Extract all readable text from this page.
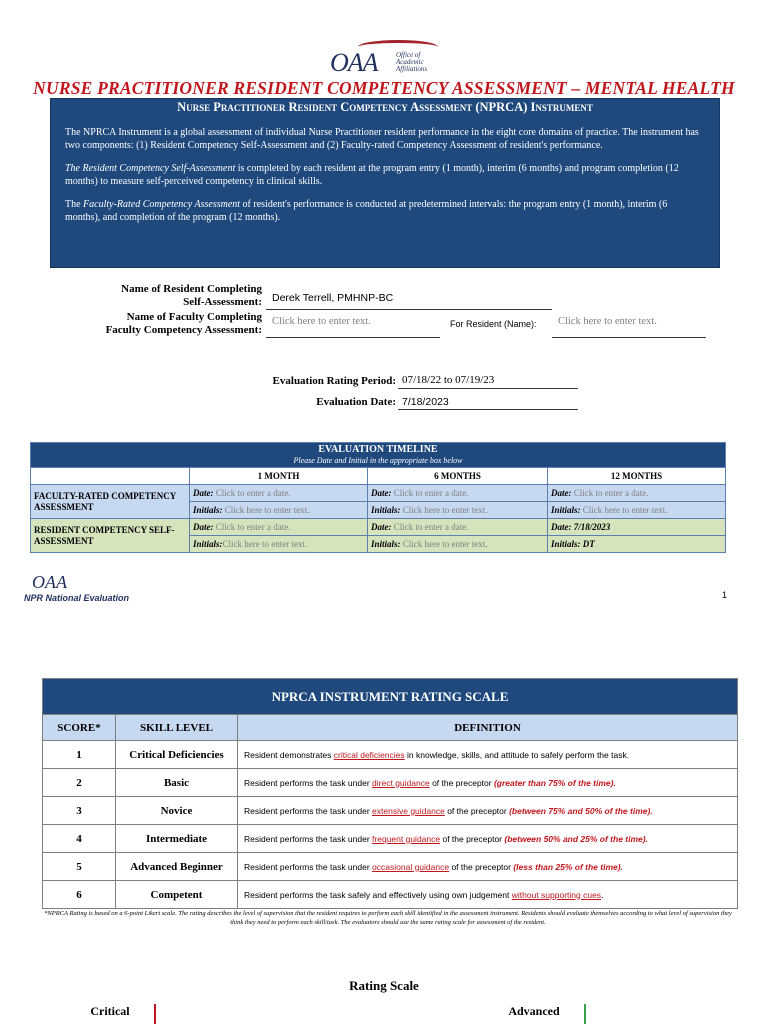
OAA	Office of Academic Affiliations
NURSE PRACTITIONER RESIDENT COMPETENCY ASSESSMENT – MENTAL HEALTH
Nurse Practitioner Resident Competency Assessment (NPRCA) Instrument

The NPRCA Instrument is a global assessment of individual Nurse Practitioner resident performance in the eight core domains of practice. The instrument has two components: (1) Resident Competency Self-Assessment and (2) Faculty-rated Competency Assessment of resident's performance.

The Resident Competency Self-Assessment is completed by each resident at the program entry (1 month), interim (6 months) and program completion (12 months) to measure self-perceived competency in clinical skills.

The Faculty-Rated Competency Assessment of resident's performance is conducted at predetermined intervals: the program entry (1 month), interim (6 months), and completion of the program (12 months).

Name of Resident Completing
Self-Assessment: Derek Terrell, PMHNP-BC
Name of Faculty Completing
Faculty Competency Assessment:
Click here to enter text.	For Resident (Name):	Click here to enter text.
Evaluation Rating Period: 07/18/22 to 07/19/23
Evaluation Date: 7/18/2023
EVALUATION TIMELINE
Please Date and Initial in the appropriate box below			

	1 MONTH	6 MONTHS	12 MONTHS
FACULTY-RATED COMPETENCY ASSESSMENT	Date: Click to enter a date.	Date: Click to enter a date.	Date: Click to enter a date.
	Initials: Click here to enter text.	Initials: Click here to enter text.	Initials: Click here to enter text.
RESIDENT COMPETENCY SELF-ASSESSMENT	Date: Click to enter a date.	Date: Click to enter a date.	Date: 7/18/2023
	Initials:Click here to enter text.	Initials: Click here to enter text.	Initials: DT
OAA
NPR National Evaluation	1
NPRCA INSTRUMENT RATING SCALE		
SCORE*	SKILL LEVEL	DEFINITION
1	Critical Deficiencies	Resident demonstrates critical deficiencies in knowledge, skills, and attitude to safely perform the task.
2	Basic	Resident performs the task under direct guidance of the preceptor (greater than 75% of the time).
3	Novice	Resident performs the task under extensive guidance of the preceptor (between 75% and 50% of the time).
4	Intermediate	Resident performs the task under frequent guidance of the preceptor (between 50% and 25% of the time).
5	Advanced Beginner	Resident performs the task under occasional guidance of the preceptor (less than 25% of the time).
6	Competent	Resident performs the task safely and effectively using own judgement without supporting cues.
*NPRCA Rating is based on a 6-point Likert scale. The rating describes the level of supervision that the resident requires to perform each skill identified in the assessment instrument. Residents should evaluate themselves according to what level of supervision they think they need to perform each skill/task. The evaluators should use the same rating scale for assessment of the resident.
Rating Scale
Critical	Advanced
